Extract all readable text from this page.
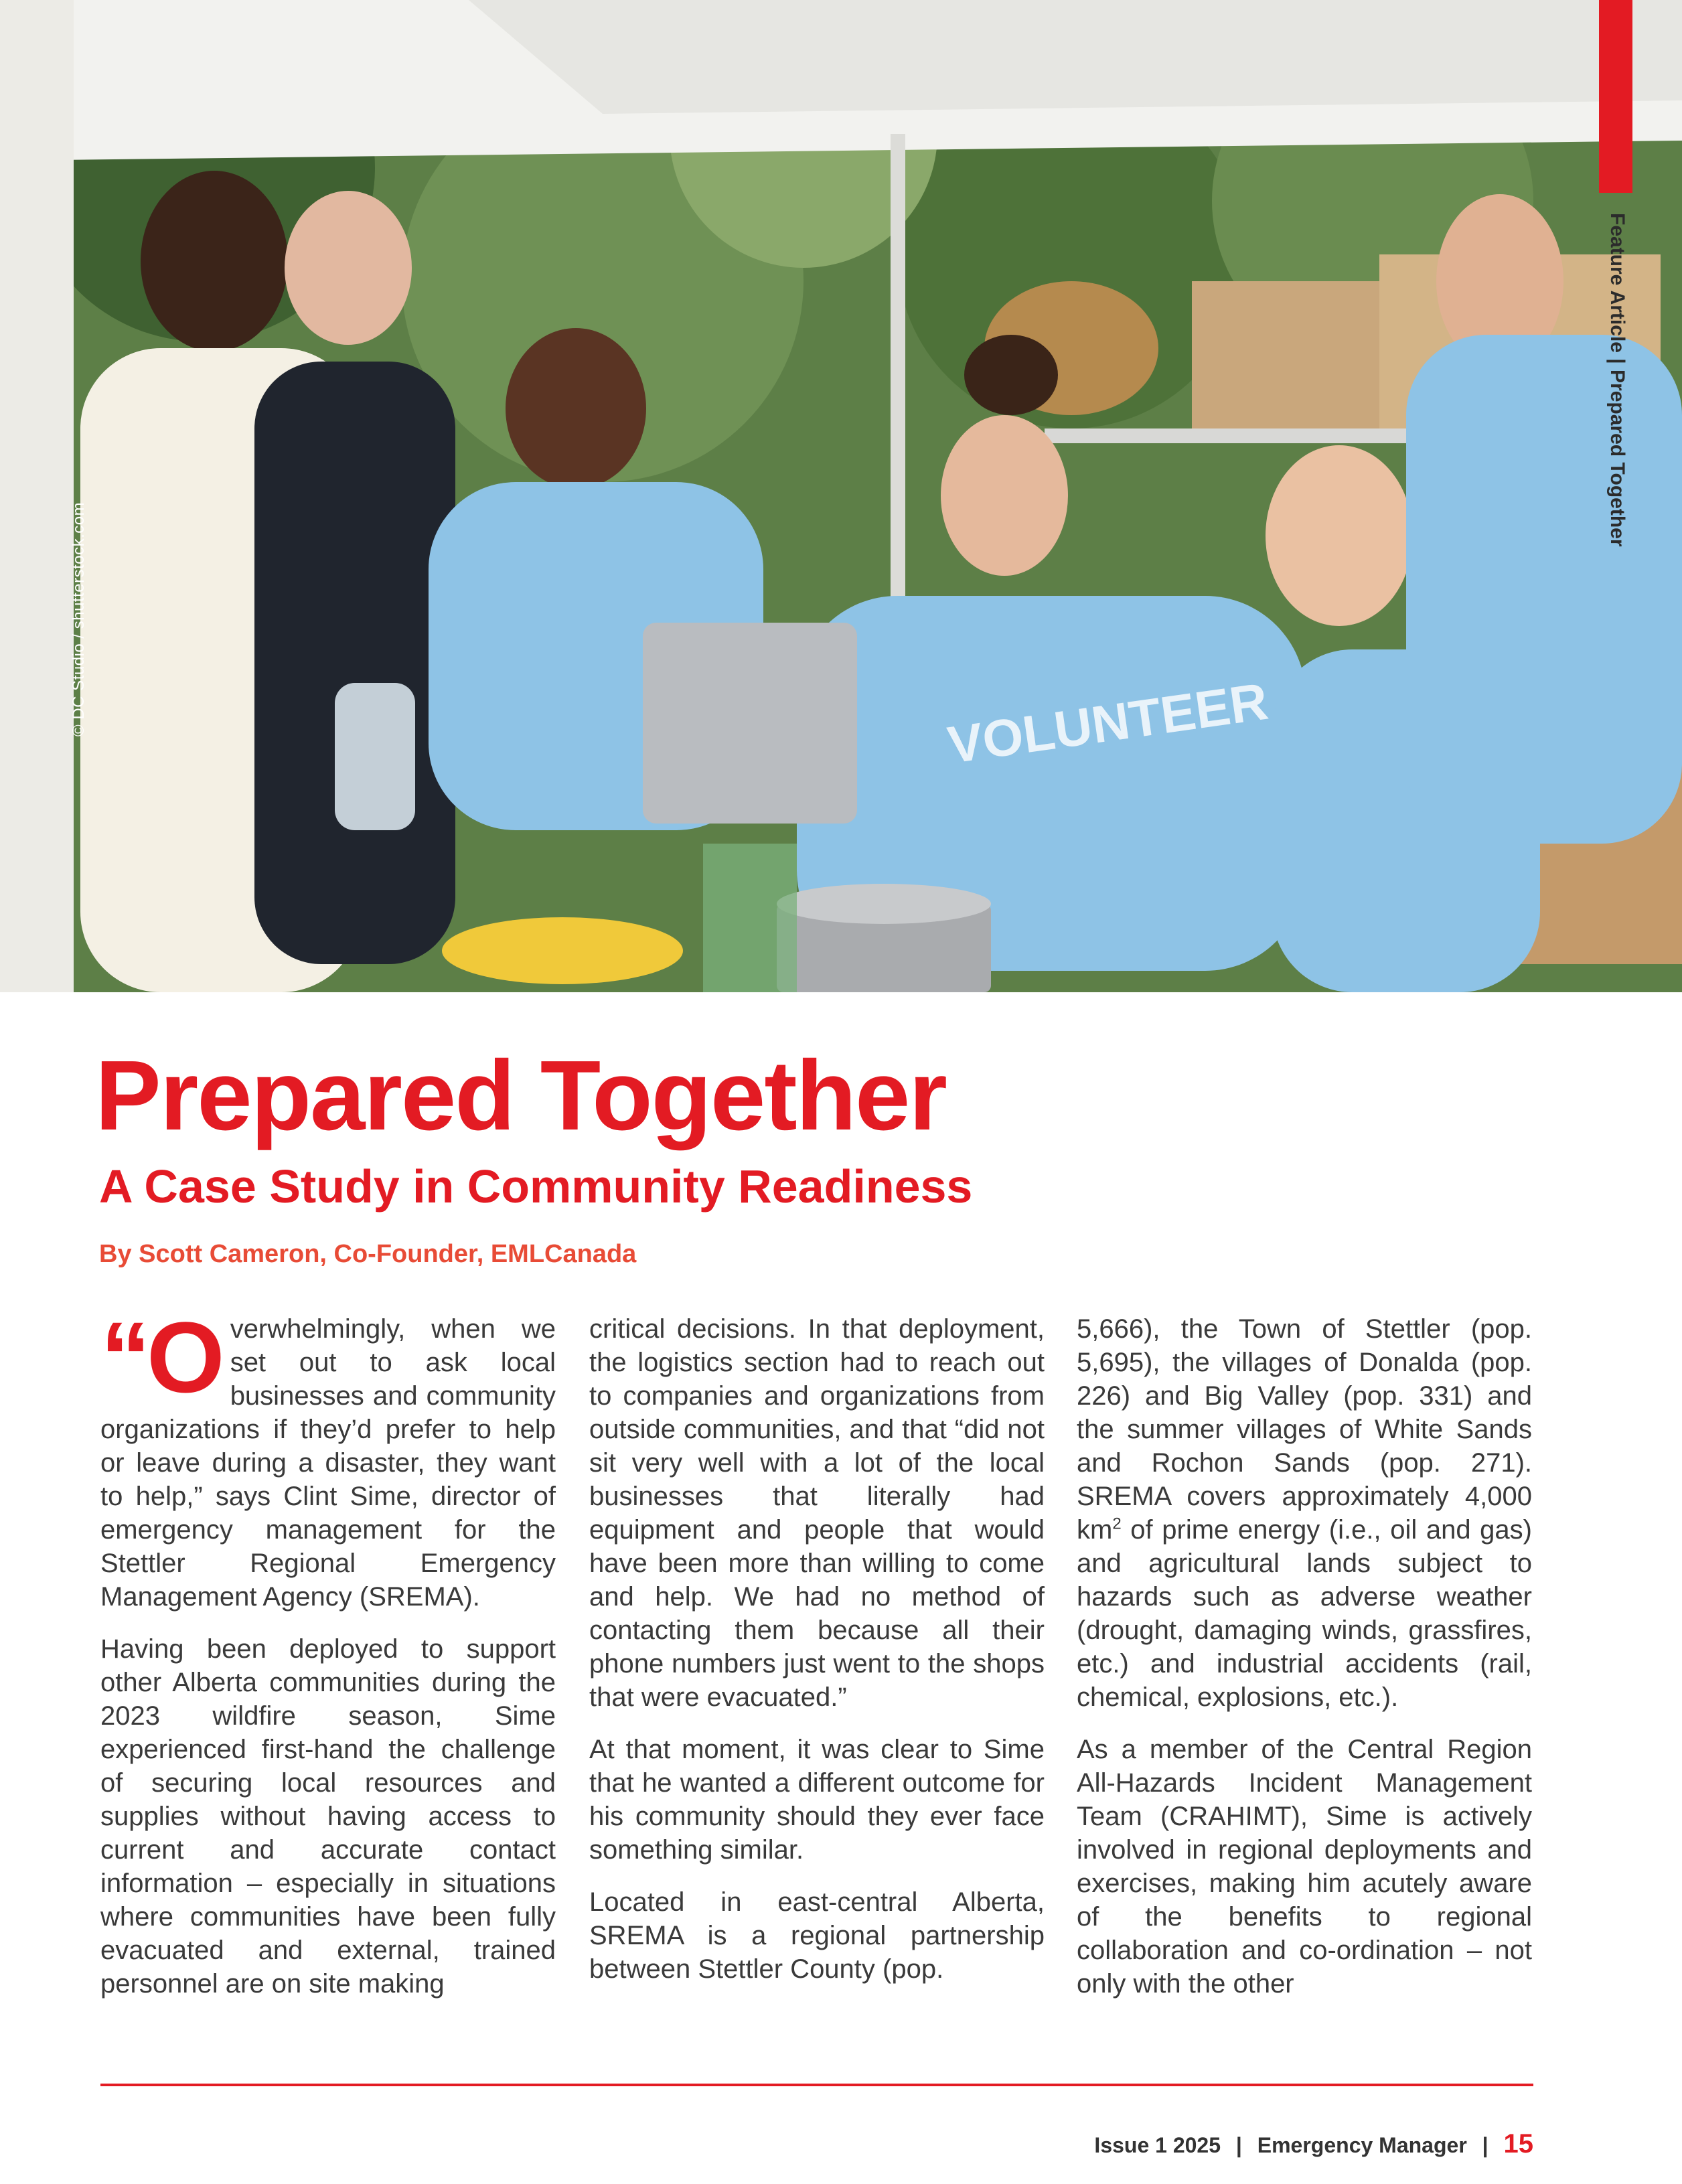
VOLUNTEER
© DC Studio / shutterstock.com
Feature Article | Prepared Together
Prepared Together
A Case Study in Community Readiness
By Scott Cameron, Co-Founder, EMLCanada

“Overwhelmingly, when we set out to ask local businesses and community organizations if they’d prefer to help or leave during a disaster, they want to help,” says Clint Sime, director of emergency management for the Stettler Regional Emergency Management Agency (SREMA).

Having been deployed to support other Alberta communities during the 2023 wildfire season, Sime experienced first-hand the challenge of securing local resources and supplies without having access to current and accurate contact information – especially in situations where communities have been fully evacuated and external, trained personnel are on site making

critical decisions. In that deployment, the logistics section had to reach out to companies and organizations from outside communities, and that “did not sit very well with a lot of the local businesses that literally had equipment and people that would have been more than willing to come and help. We had no method of contacting them because all their phone numbers just went to the shops that were evacuated.”

At that moment, it was clear to Sime that he wanted a different outcome for his community should they ever face something similar.

Located in east-central Alberta, SREMA is a regional partnership between Stettler County (pop.

5,666), the Town of Stettler (pop. 5,695), the villages of Donalda (pop. 226) and Big Valley (pop. 331) and the summer villages of White Sands and Rochon Sands (pop. 271). SREMA covers approximately 4,000 $km^2$ of prime energy (i.e., oil and gas) and agricultural lands subject to hazards such as adverse weather (drought, damaging winds, grassfires, etc.) and industrial accidents (rail, chemical, explosions, etc.).

As a member of the Central Region All-Hazards Incident Management Team (CRAHIMT), Sime is actively involved in regional deployments and exercises, making him acutely aware of the benefits to regional collaboration and co-ordination – not only with the other

Issue 1 2025 | Emergency Manager | 15
